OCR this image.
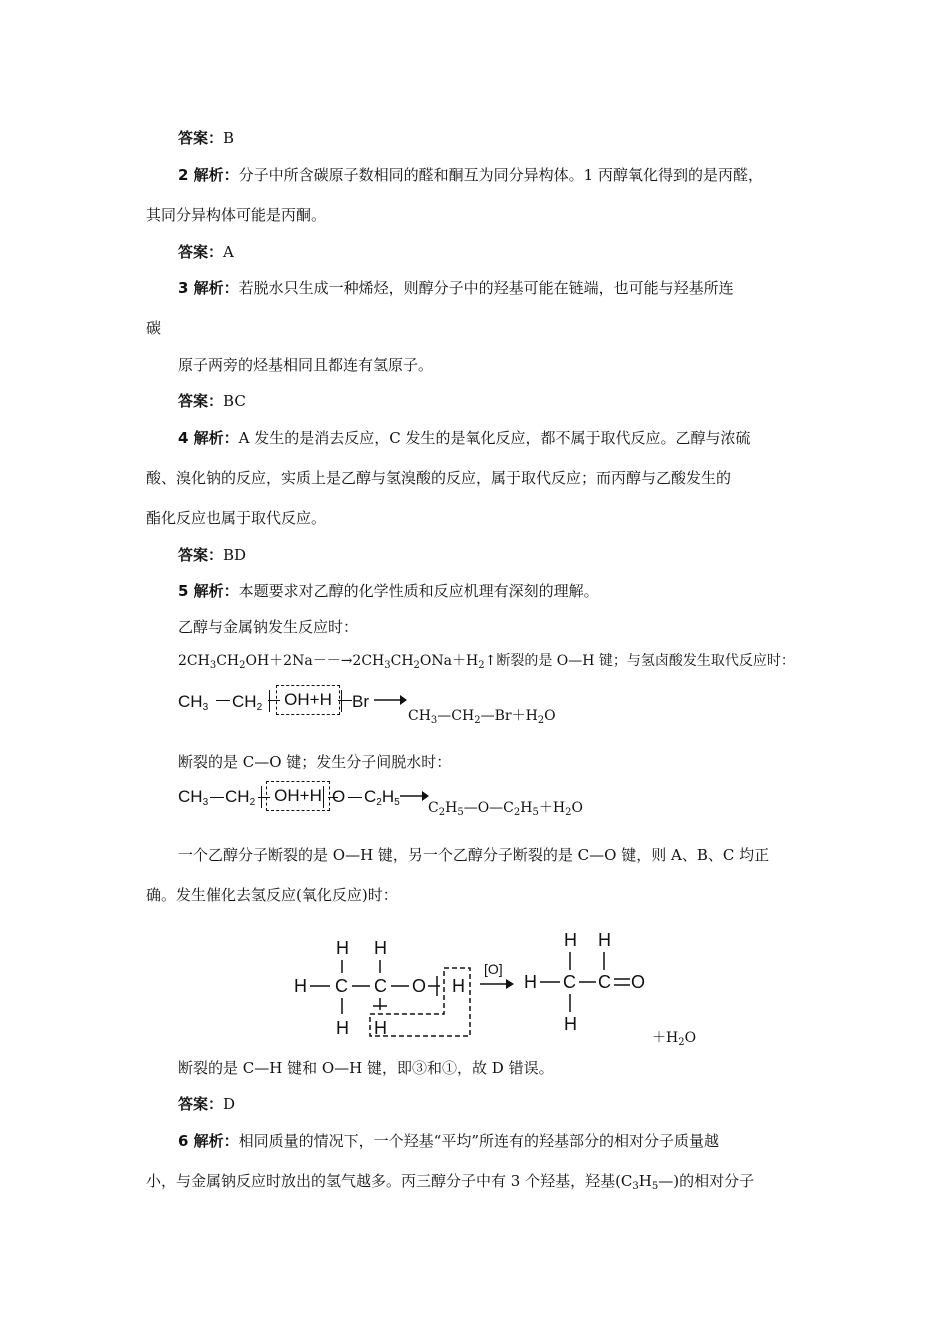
答案：B
2 解析：分子中所含碳原子数相同的醛和酮互为同分异构体。1 丙醇氧化得到的是丙醛，
其同分异构体可能是丙酮。
答案：A
3 解析：若脱水只生成一种烯烃，则醇分子中的羟基可能在链端，也可能与羟基所连
碳
原子两旁的烃基相同且都连有氢原子。
答案：BC
4 解析：A 发生的是消去反应，C 发生的是氧化反应，都不属于取代反应。乙醇与浓硫
酸、溴化钠的反应，实质上是乙醇与氢溴酸的反应，属于取代反应；而丙醇与乙酸发生的
酯化反应也属于取代反应。
答案：BD
5 解析：本题要求对乙醇的化学性质和反应机理有深刻的理解。
乙醇与金属钠发生反应时：
$2CH_3CH_2OH+2Na--\to 2CH_3CH_2ONa+H_2↑$断裂的是 O—H 键；与氢卤酸发生取代反应时：
$CH_3$ $CH_2$	OH+H	Br →
$CH_3—CH_2—Br+H_2O$
断裂的是 C—O 键；发生分子间脱水时：
$CH_3$ $CH_2$	OH+H O $C_2H_5$ $C_2H_5—O—C_2H_5+H_2O$
一个乙醇分子断裂的是 O—H 键，另一个乙醇分子断裂的是 C—O 键，则 A、B、C 均正
确。发生催化去氢反应(氧化反应)时：
H H
H C C O H
H H
[O]
H H
H C C O
H
$+H_2O$
断裂的是 C—H 键和 O—H 键，即③和①，故 D 错误。
答案：D
6 解析：相同质量的情况下，一个羟基“平均”所连有的羟基部分的相对分子质量越
小，与金属钠反应时放出的氢气越多。丙三醇分子中有 3 个羟基，羟基$(C_3H_5—)$的相对分子
